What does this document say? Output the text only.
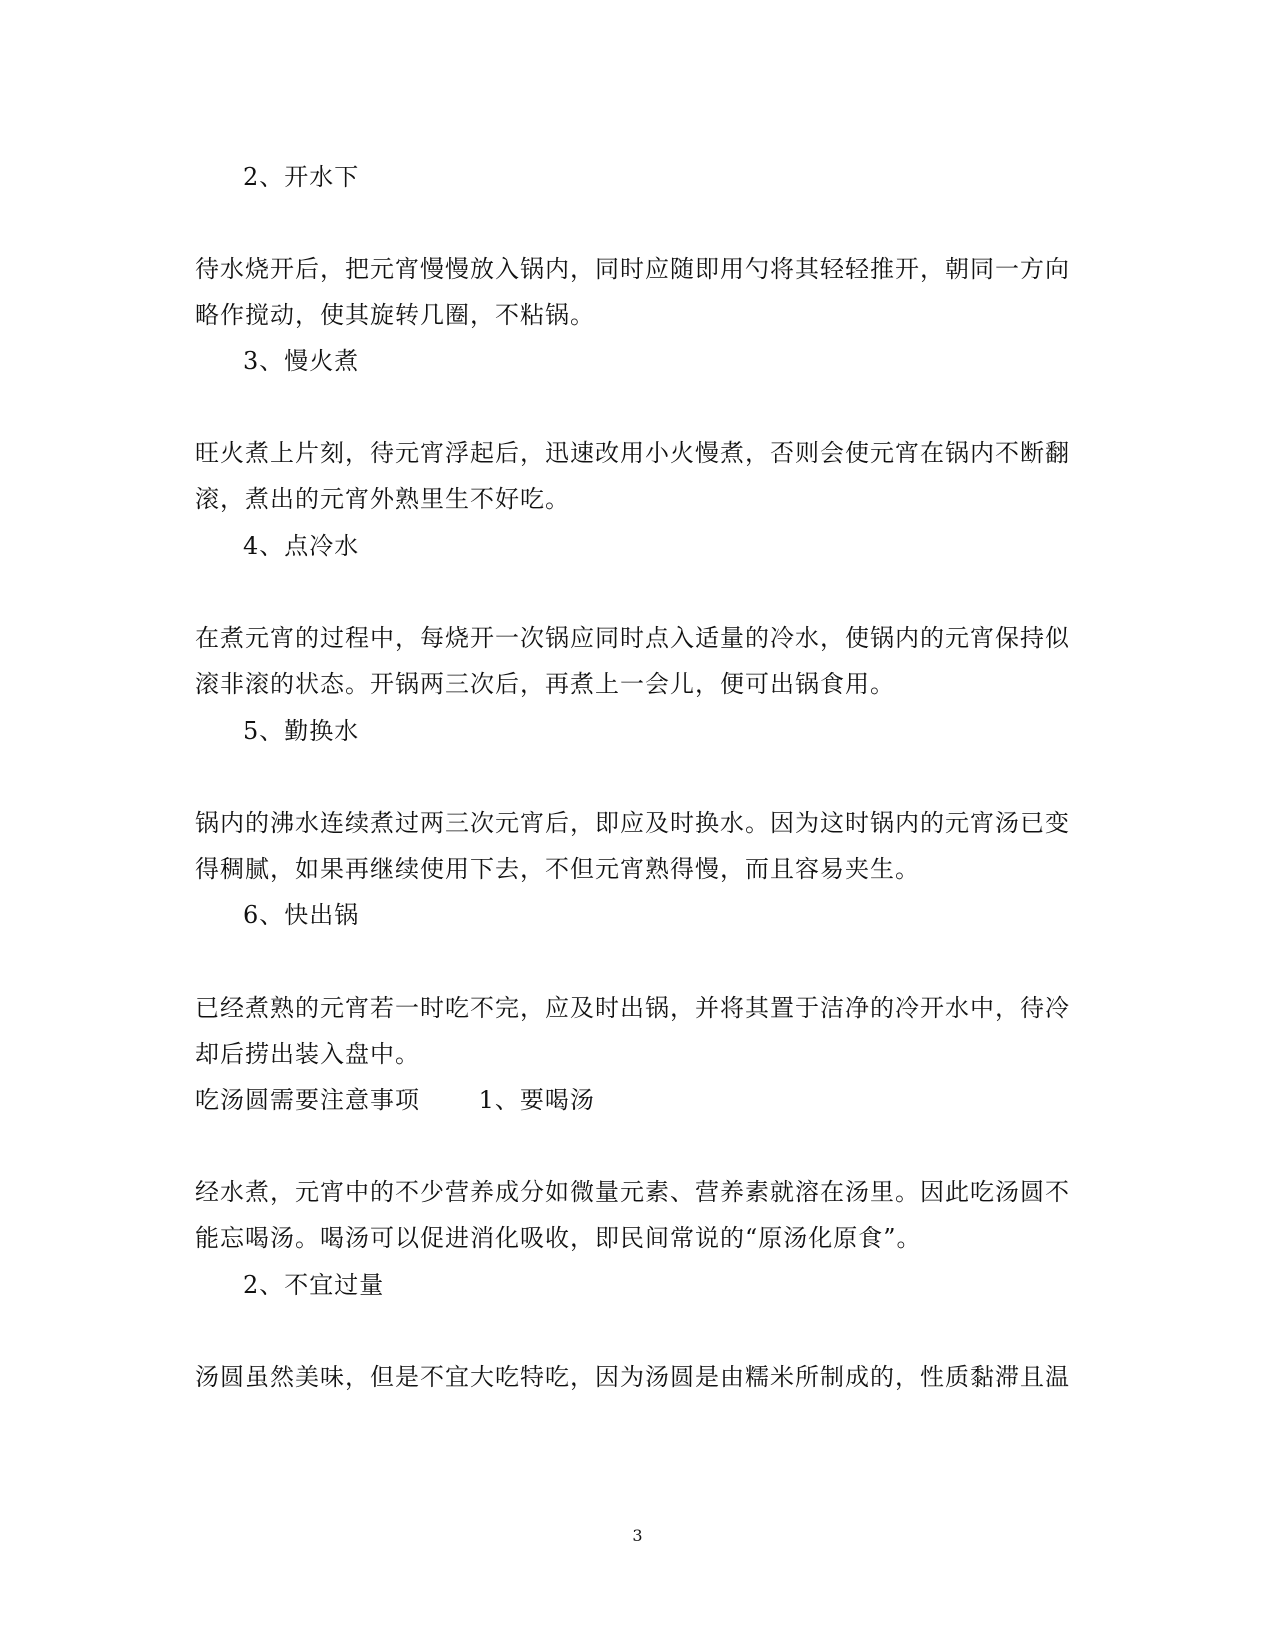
2、开水下
待水烧开后，把元宵慢慢放入锅内，同时应随即用勺将其轻轻推开，朝同一方向
略作搅动，使其旋转几圈，不粘锅。
3、慢火煮
旺火煮上片刻，待元宵浮起后，迅速改用小火慢煮，否则会使元宵在锅内不断翻
滚，煮出的元宵外熟里生不好吃。
4、点冷水
在煮元宵的过程中，每烧开一次锅应同时点入适量的冷水，使锅内的元宵保持似
滚非滚的状态。开锅两三次后，再煮上一会儿，便可出锅食用。
5、勤换水
锅内的沸水连续煮过两三次元宵后，即应及时换水。因为这时锅内的元宵汤已变
得稠腻，如果再继续使用下去，不但元宵熟得慢，而且容易夹生。
6、快出锅
已经煮熟的元宵若一时吃不完，应及时出锅，并将其置于洁净的冷开水中，待冷
却后捞出装入盘中。
吃汤圆需要注意事项　　 1、要喝汤
经水煮，元宵中的不少营养成分如微量元素、营养素就溶在汤里。因此吃汤圆不
能忘喝汤。喝汤可以促进消化吸收，即民间常说的“原汤化原食”。
2、不宜过量
汤圆虽然美味，但是不宜大吃特吃，因为汤圆是由糯米所制成的，性质黏滞且温
3
